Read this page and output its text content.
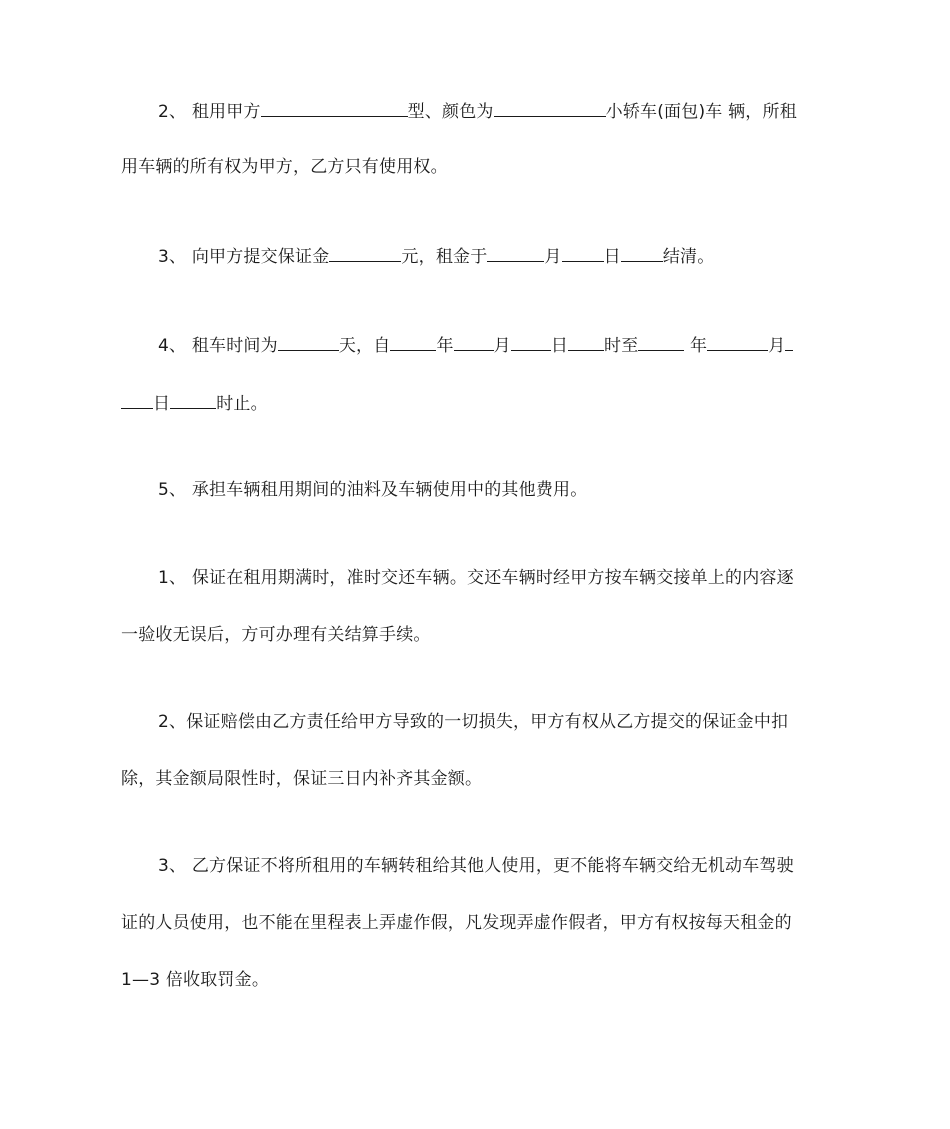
2、 租用甲方	型、颜色为	小轿车(面包)车 辆，所租
用车辆的所有权为甲方，乙方只有使用权。
3、 向甲方提交保证金	元，租金于	月 日 结清。
4、 租车时间为	天，自	年 月 日 时至	年	月
日	时止。
5、 承担车辆租用期间的油料及车辆使用中的其他费用。
1、 保证在租用期满时，准时交还车辆。交还车辆时经甲方按车辆交接单上的内容逐
一验收无误后，方可办理有关结算手续。
2、保证赔偿由乙方责任给甲方导致的一切损失，甲方有权从乙方提交的保证金中扣
除，其金额局限性时，保证三日内补齐其金额。
3、 乙方保证不将所租用的车辆转租给其他人使用，更不能将车辆交给无机动车驾驶
证的人员使用，也不能在里程表上弄虚作假，凡发现弄虚作假者，甲方有权按每天租金的
1—3 倍收取罚金。
